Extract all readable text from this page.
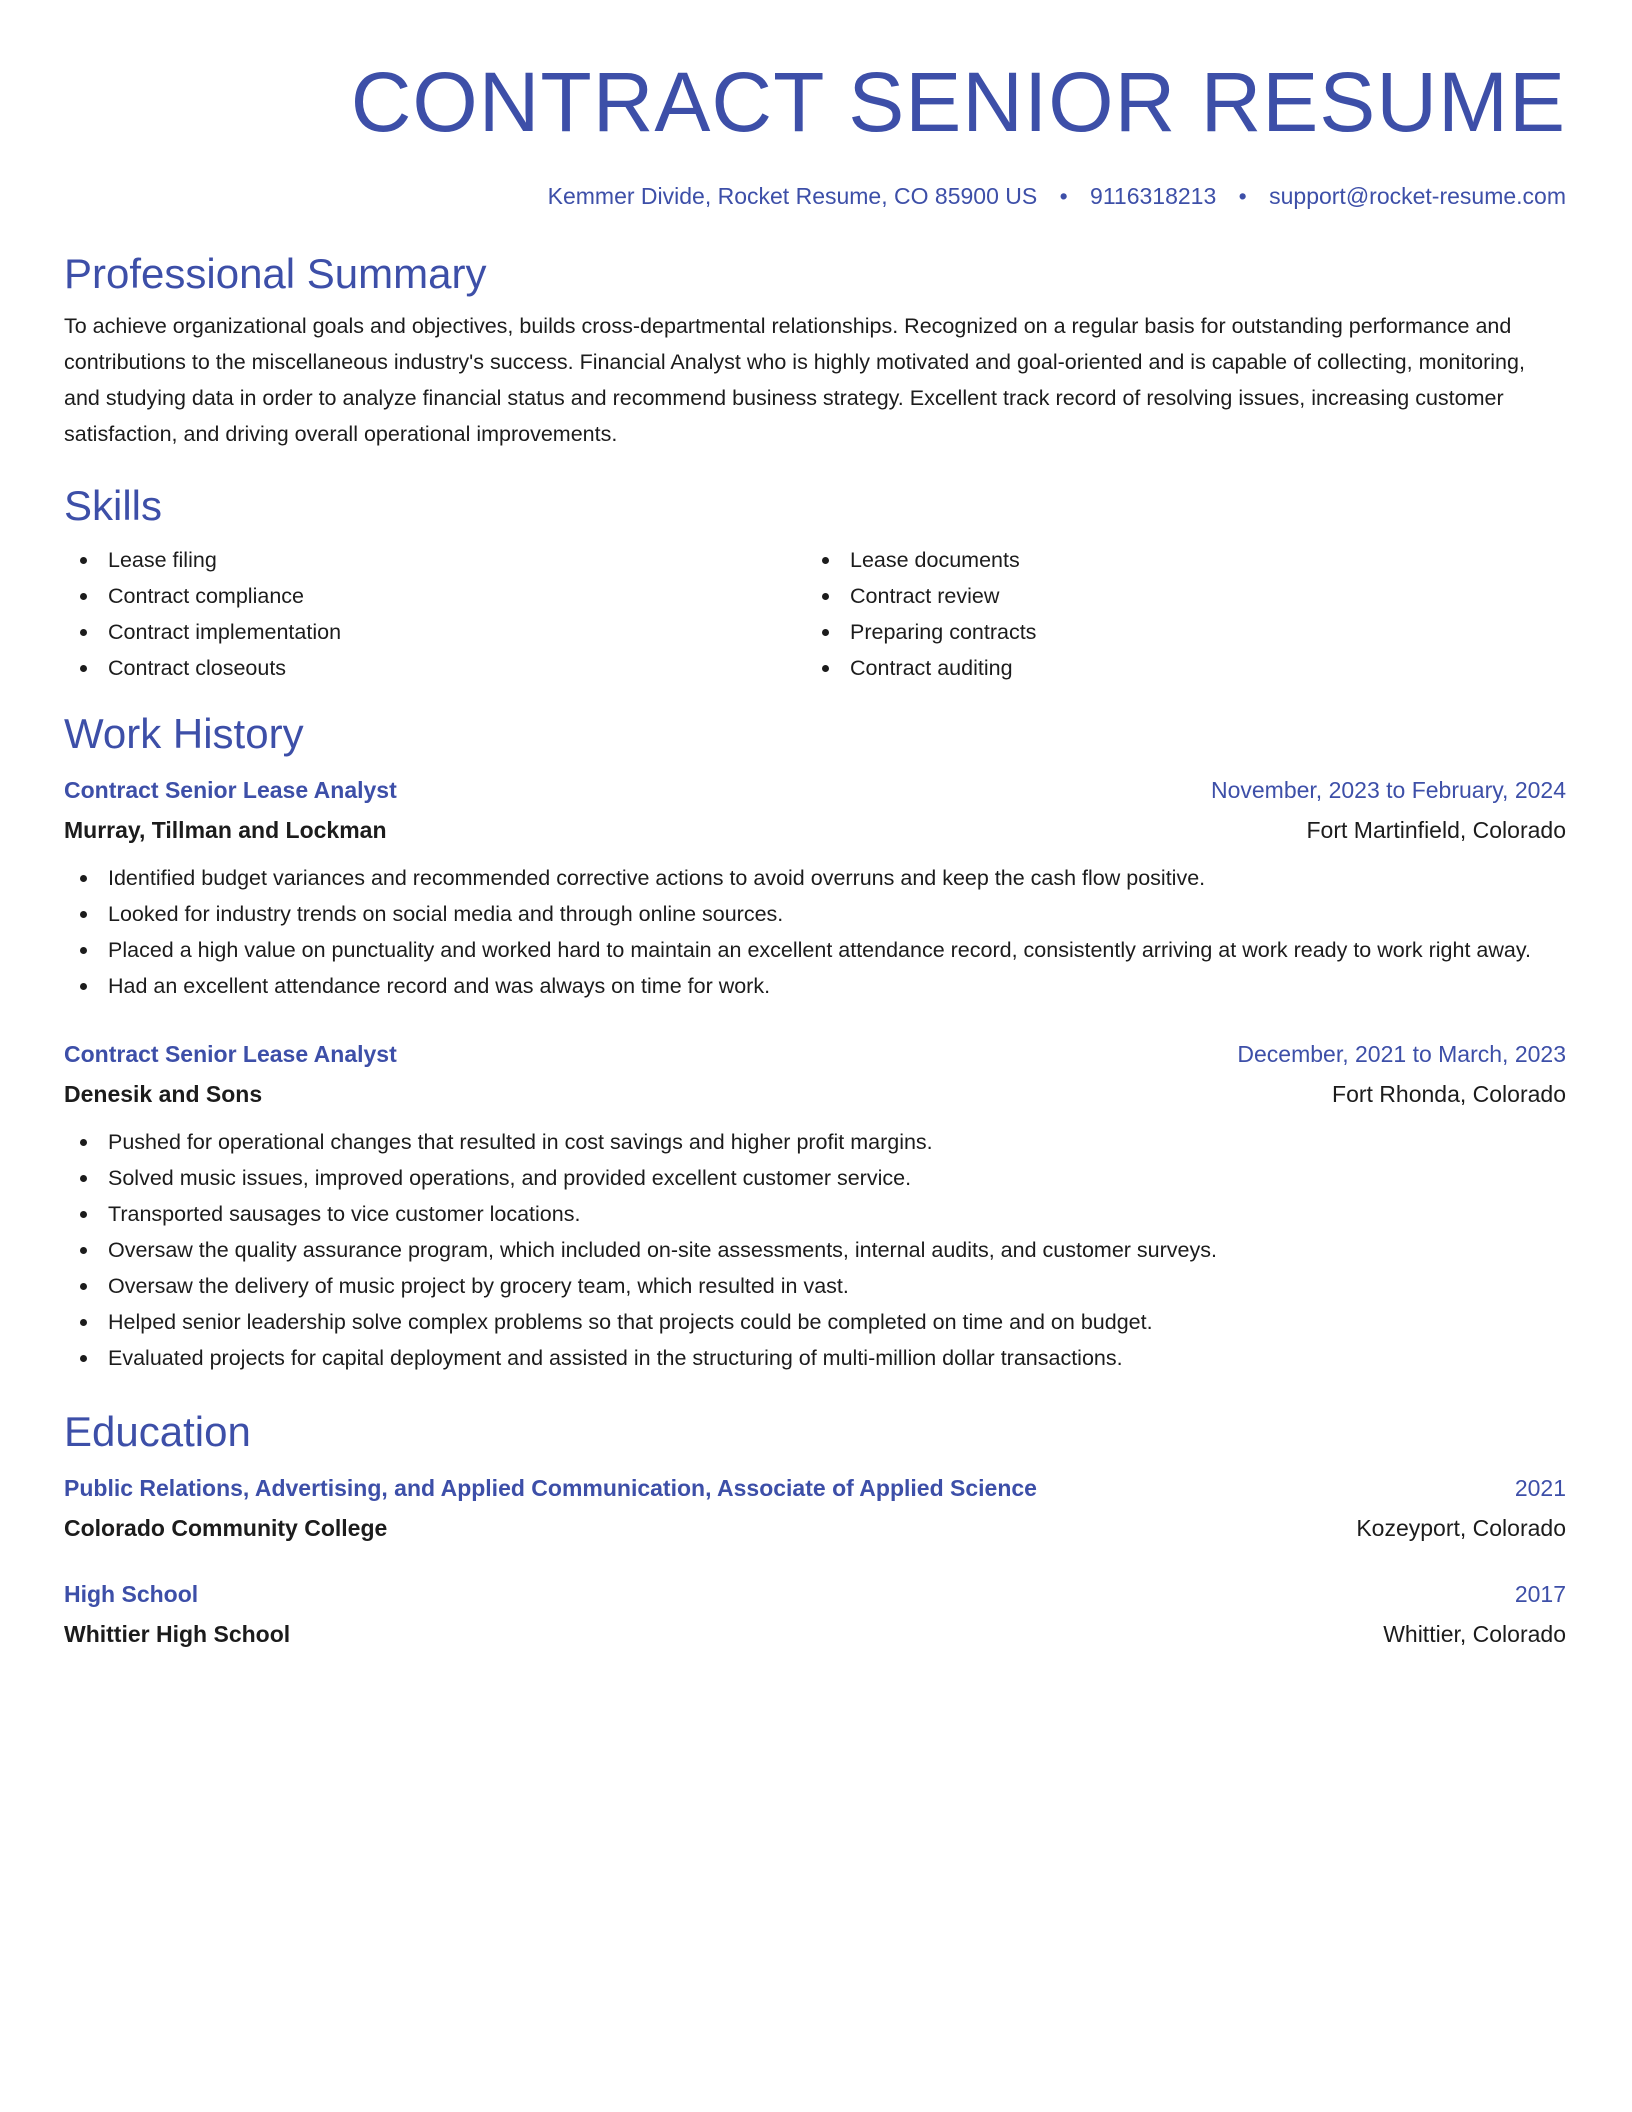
CONTRACT SENIOR RESUME
Kemmer Divide, Rocket Resume, CO 85900 US • 9116318213 • support@rocket-resume.com
Professional Summary

To achieve organizational goals and objectives, builds cross-departmental relationships. Recognized on a regular basis for outstanding performance and contributions to the miscellaneous industry's success. Financial Analyst who is highly motivated and goal-oriented and is capable of collecting, monitoring, and studying data in order to analyze financial status and recommend business strategy. Excellent track record of resolving issues, increasing customer satisfaction, and driving overall operational improvements.

Skills
Lease filing
Contract compliance
Contract implementation
Contract closeouts
Lease documents
Contract review
Preparing contracts
Contract auditing
Work History
Contract Senior Lease Analyst	November, 2023 to February, 2024
Murray, Tillman and Lockman	Fort Martinfield, Colorado
Identified budget variances and recommended corrective actions to avoid overruns and keep the cash flow positive.
Looked for industry trends on social media and through online sources.
Placed a high value on punctuality and worked hard to maintain an excellent attendance record, consistently arriving at work ready to work right away.
Had an excellent attendance record and was always on time for work.
Contract Senior Lease Analyst	December, 2021 to March, 2023
Denesik and Sons	Fort Rhonda, Colorado
Pushed for operational changes that resulted in cost savings and higher profit margins.
Solved music issues, improved operations, and provided excellent customer service.
Transported sausages to vice customer locations.
Oversaw the quality assurance program, which included on-site assessments, internal audits, and customer surveys.
Oversaw the delivery of music project by grocery team, which resulted in vast.
Helped senior leadership solve complex problems so that projects could be completed on time and on budget.
Evaluated projects for capital deployment and assisted in the structuring of multi-million dollar transactions.
Education
Public Relations, Advertising, and Applied Communication, Associate of Applied Science	2021
Colorado Community College	Kozeyport, Colorado
High School	2017
Whittier High School	Whittier, Colorado
